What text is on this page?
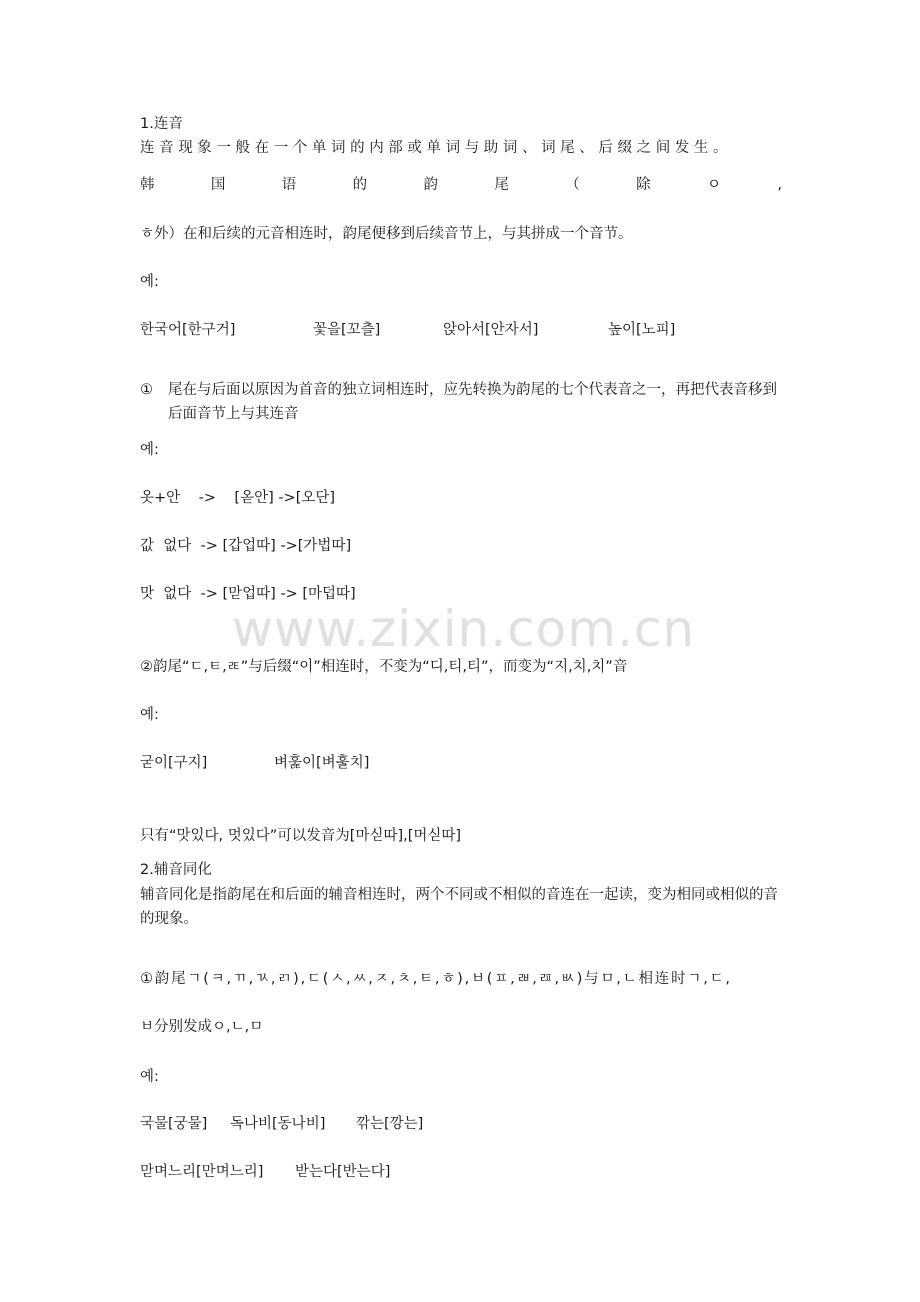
www.zixin.com.cn
1.连音
连音现象一般在一个单词的内部或单词与助词、词尾、后缀之间发生。
韩	国	语	的	韵	尾	（	除	ㅇ	,
ㅎ外）在和后续的元音相连时，韵尾便移到后续音节上，与其拼成一个音节。
예:
한국어[한구거]	꽃을[꼬츨]	앉아서[안자서]	높이[노피]
① 尾在与后面以原因为首音的独立词相连时，应先转换为韵尾的七个代表音之一，再把代表音移到后面音节上与其连音
예:
옷+안    ->    [옫안] ->[오단]
값  없다  -> [갑업따] ->[가법따]
맛  없다  -> [맏업따] -> [마덥따]
②韵尾“ㄷ,ㅌ,ㄾ”与后缀“이”相连时，不变为“디,티,티”，而变为“지,치,치”音
예:
굳이[구지]	벼훑이[벼훌치]
只有“맛있다, 멋있다”可以发音为[마싣따],[머싣따]
2.辅音同化
辅音同化是指韵尾在和后面的辅音相连时，两个不同或不相似的音连在一起读，变为相同或相似的音的现象。
①韵尾ㄱ(ㅋ,ㄲ,ㄳ,ㄺ),ㄷ(ㅅ,ㅆ,ㅈ,ㅊ,ㅌ,ㅎ),ㅂ(ㅍ,ㄼ,ㄿ,ㅄ)与ㅁ,ㄴ相连时ㄱ,ㄷ,
ㅂ分别发成ㅇ,ㄴ,ㅁ
예:
국물[궁물]	독나비[동나비]	깎는[깡는]
맏며느리[만며느리]	받는다[반는다]
